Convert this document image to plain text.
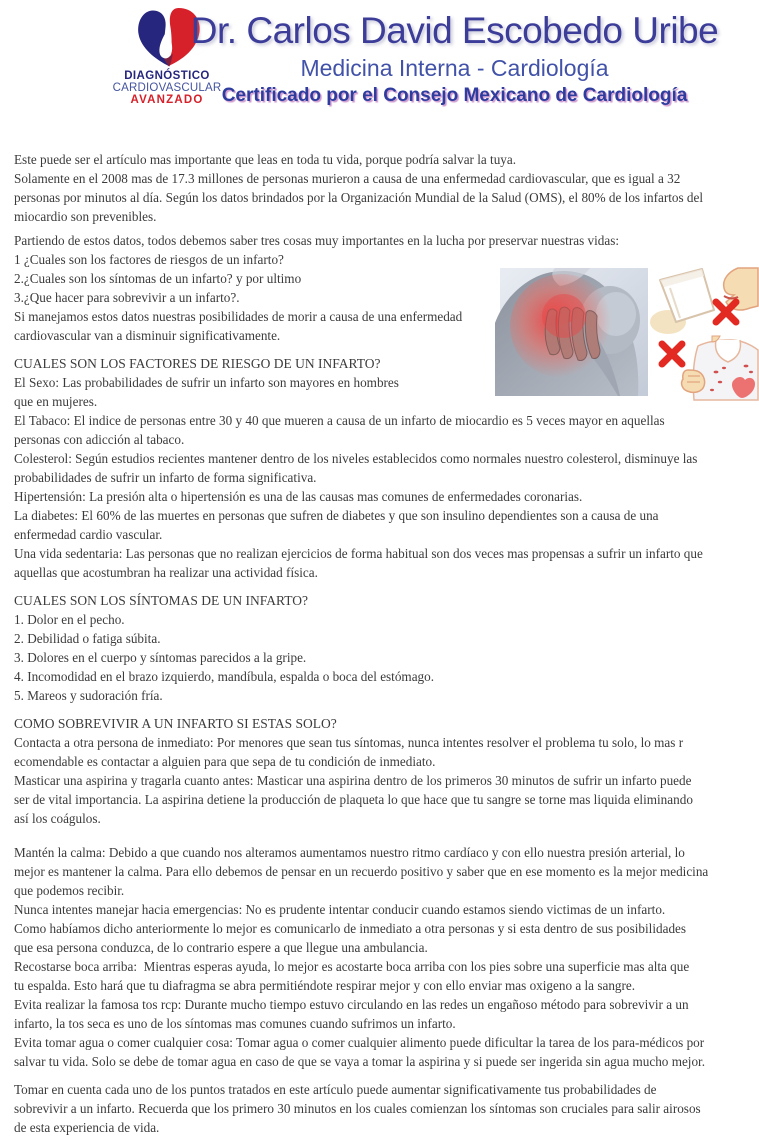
DIAGNÓSTICO
CARDIOVASCULAR
AVANZADO
Dr. Carlos David Escobedo Uribe
Medicina Interna - Cardiología
Certificado por el Consejo Mexicano de Cardiología
Este puede ser el artículo mas importante que leas en toda tu vida, porque podría salvar la tuya.
Solamente en el 2008 mas de 17.3 millones de personas murieron a causa de una enfermedad cardiovascular, que es igual a 32
personas por minutos al día. Según los datos brindados por la Organización Mundial de la Salud (OMS), el 80% de los infartos del
miocardio son prevenibles.
Partiendo de estos datos, todos debemos saber tres cosas muy importantes en la lucha por preservar nuestras vidas:
1 ¿Cuales son los factores de riesgos de un infarto?
2.¿Cuales son los síntomas de un infarto? y por ultimo
3.¿Que hacer para sobrevivir a un infarto?.
Si manejamos estos datos nuestras posibilidades de morir a causa de una enfermedad
cardiovascular van a disminuir significativamente.
CUALES SON LOS FACTORES DE RIESGO DE UN INFARTO?
El Sexo: Las probabilidades de sufrir un infarto son mayores en hombres
que en mujeres.
El Tabaco: El indice de personas entre 30 y 40 que mueren a causa de un infarto de miocardio es 5 veces mayor en aquellas
personas con adicción al tabaco.
Colesterol: Según estudios recientes mantener dentro de los niveles establecidos como normales nuestro colesterol, disminuye las
probabilidades de sufrir un infarto de forma significativa.
Hipertensión: La presión alta o hipertensión es una de las causas mas comunes de enfermedades coronarias.
La diabetes: El 60% de las muertes en personas que sufren de diabetes y que son insulino dependientes son a causa de una
enfermedad cardio vascular.
Una vida sedentaria: Las personas que no realizan ejercicios de forma habitual son dos veces mas propensas a sufrir un infarto que
aquellas que acostumbran ha realizar una actividad física.
CUALES SON LOS SÍNTOMAS DE UN INFARTO?
1. Dolor en el pecho.
2. Debilidad o fatiga súbita.
3. Dolores en el cuerpo y síntomas parecidos a la gripe.
4. Incomodidad en el brazo izquierdo, mandíbula, espalda o boca del estómago.
5. Mareos y sudoración fría.
COMO SOBREVIVIR A UN INFARTO SI ESTAS SOLO?
Contacta a otra persona de inmediato: Por menores que sean tus síntomas, nunca intentes resolver el problema tu solo, lo mas r
ecomendable es contactar a alguien para que sepa de tu condición de inmediato.
Masticar una aspirina y tragarla cuanto antes: Masticar una aspirina dentro de los primeros 30 minutos de sufrir un infarto puede
ser de vital importancia. La aspirina detiene la producción de plaqueta lo que hace que tu sangre se torne mas liquida eliminando
así los coágulos.
Mantén la calma: Debido a que cuando nos alteramos aumentamos nuestro ritmo cardíaco y con ello nuestra presión arterial, lo
mejor es mantener la calma. Para ello debemos de pensar en un recuerdo positivo y saber que en ese momento es la mejor medicina
que podemos recibir.
Nunca intentes manejar hacia emergencias: No es prudente intentar conducir cuando estamos siendo victimas de un infarto.
Como habíamos dicho anteriormente lo mejor es comunicarlo de inmediato a otra personas y si esta dentro de sus posibilidades
que esa persona conduzca, de lo contrario espere a que llegue una ambulancia.
Recostarse boca arriba:  Mientras esperas ayuda, lo mejor es acostarte boca arriba con los pies sobre una superficie mas alta que
tu espalda. Esto hará que tu diafragma se abra permitiéndote respirar mejor y con ello enviar mas oxigeno a la sangre.
Evita realizar la famosa tos rcp: Durante mucho tiempo estuvo circulando en las redes un engañoso método para sobrevivir a un
infarto, la tos seca es uno de los síntomas mas comunes cuando sufrimos un infarto.
Evita tomar agua o comer cualquier cosa: Tomar agua o comer cualquier alimento puede dificultar la tarea de los para-médicos por
salvar tu vida. Solo se debe de tomar agua en caso de que se vaya a tomar la aspirina y si puede ser ingerida sin agua mucho mejor.
Tomar en cuenta cada uno de los puntos tratados en este artículo puede aumentar significativamente tus probabilidades de
sobrevivir a un infarto. Recuerda que los primero 30 minutos en los cuales comienzan los síntomas son cruciales para salir airosos
de esta experiencia de vida.
